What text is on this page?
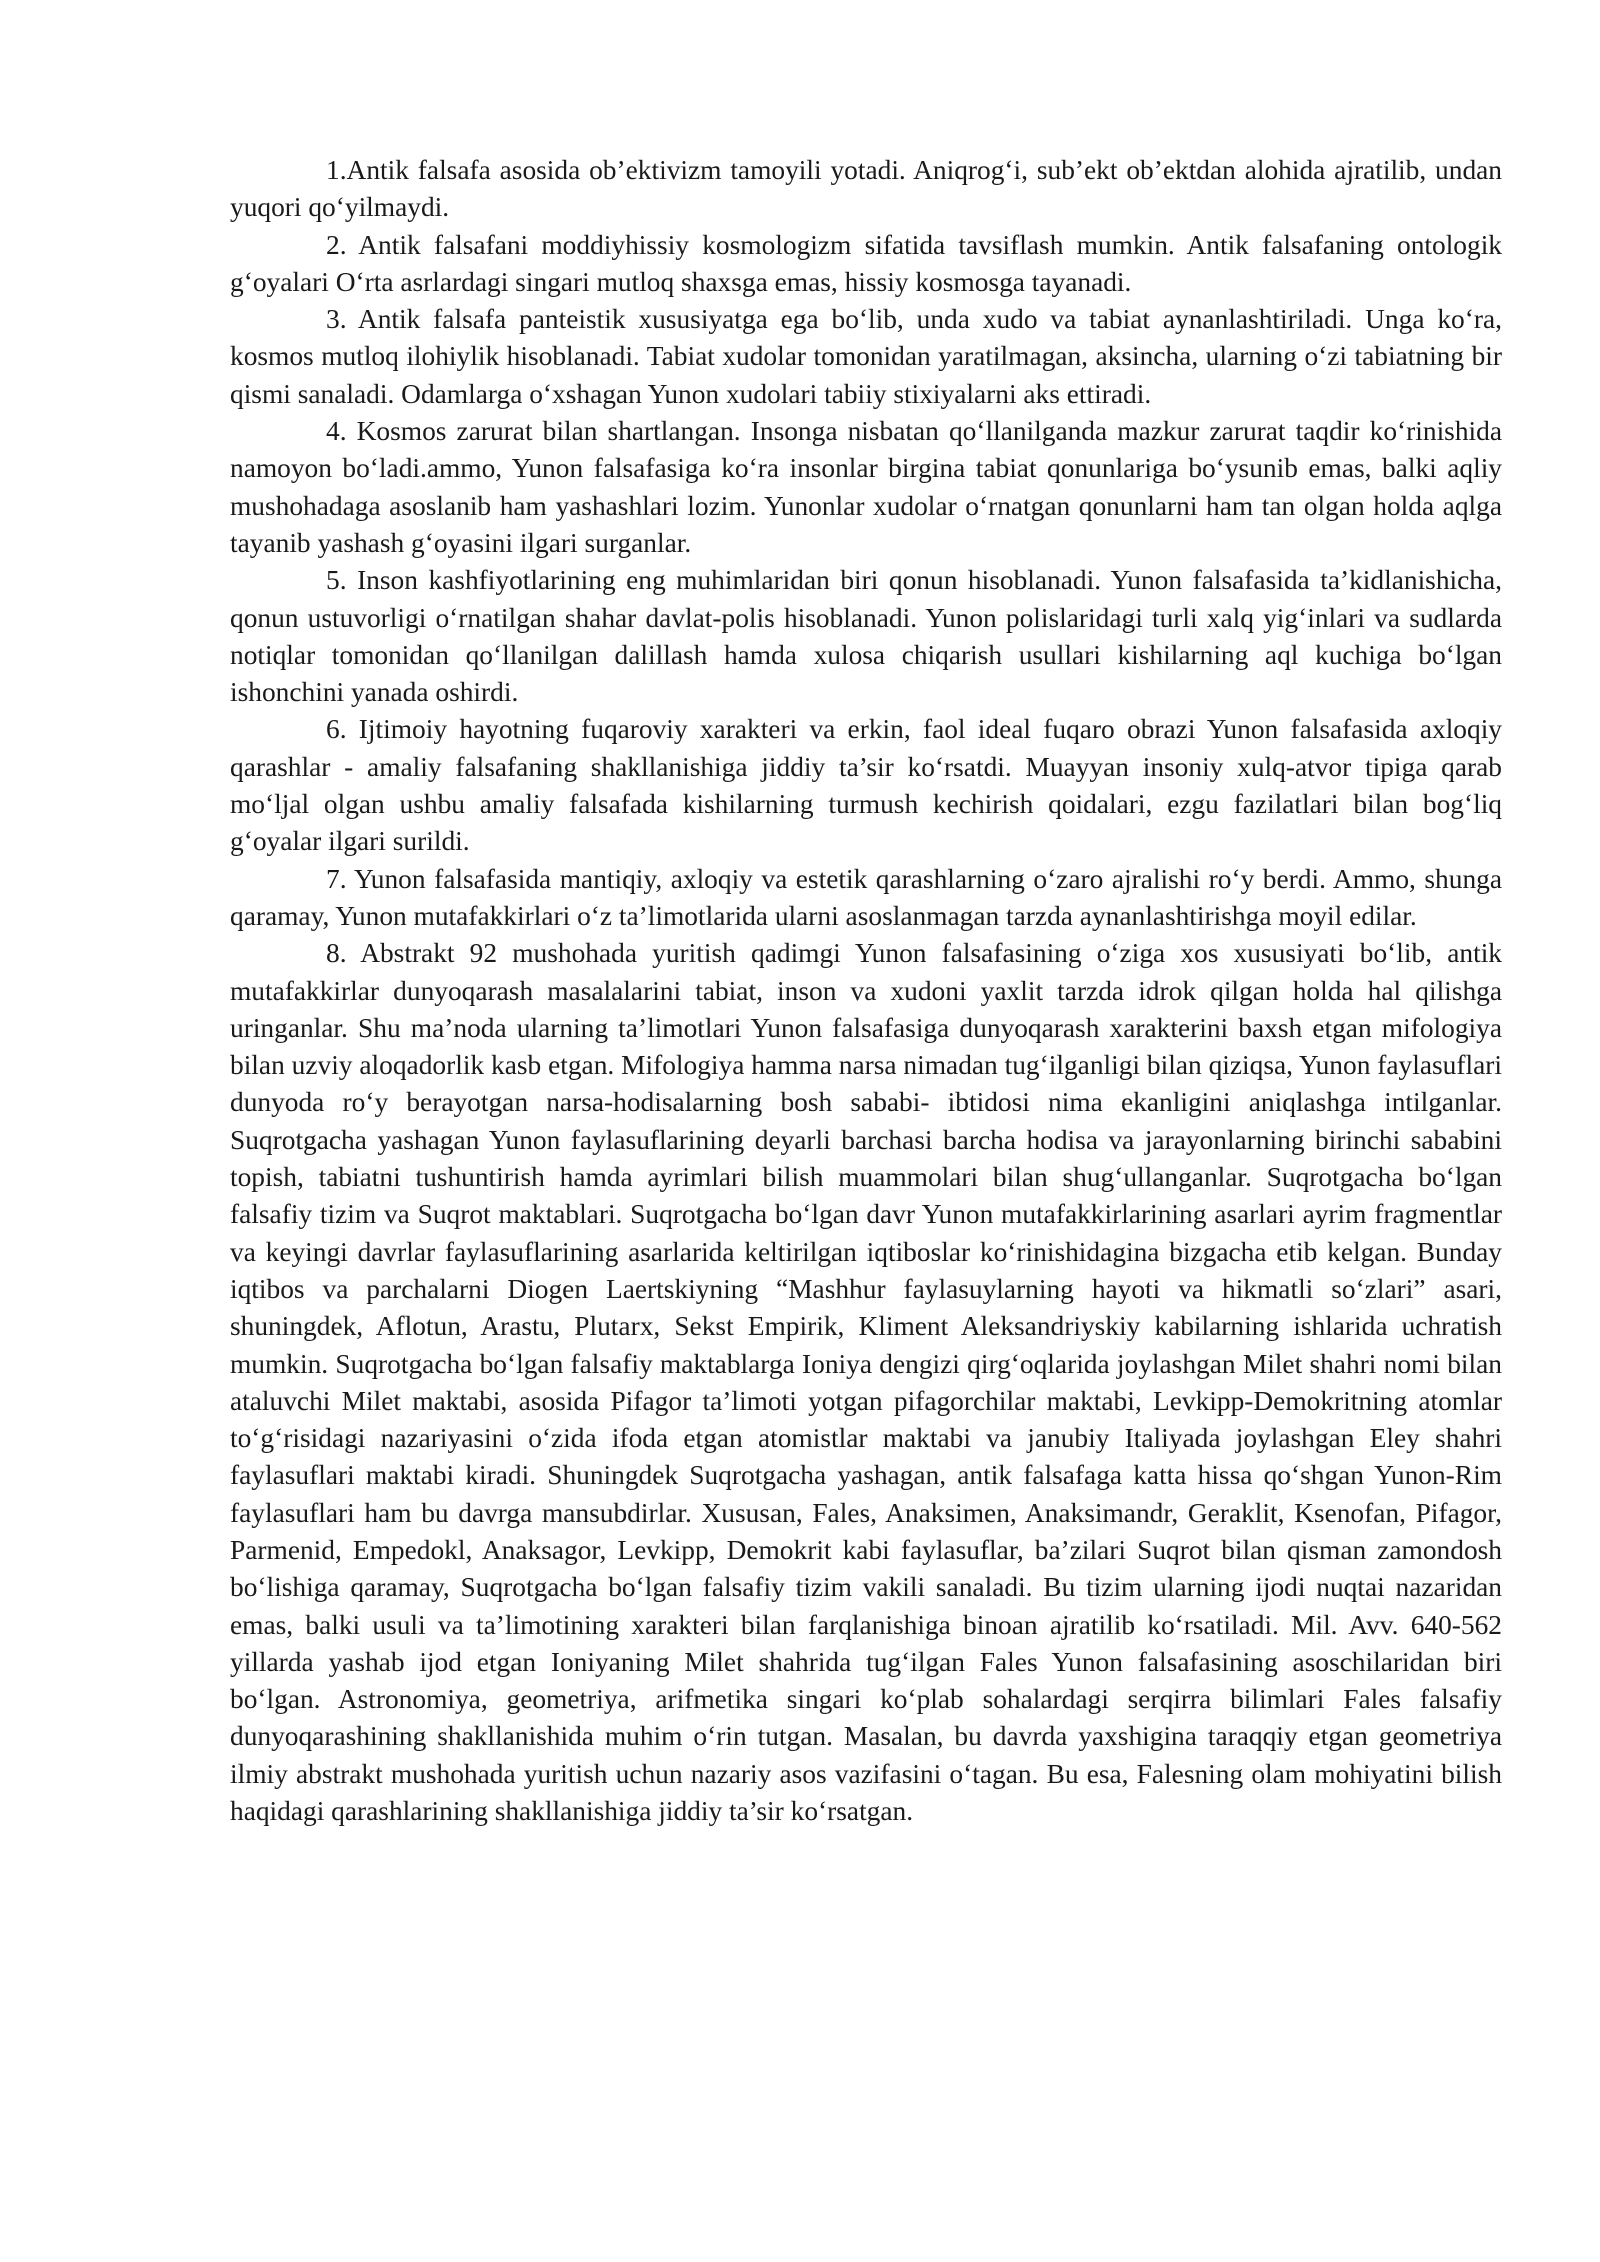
1.Antik falsafa asosida ob’ektivizm tamoyili yotadi. Aniqrog‘i, sub’ekt ob’ektdan alohida ajratilib, undan yuqori qo‘yilmaydi.

2. Antik falsafani moddiyhissiy kosmologizm sifatida tavsiflash mumkin. Antik falsafaning ontologik g‘oyalari O‘rta asrlardagi singari mutloq shaxsga emas, hissiy kosmosga tayanadi.

3. Antik falsafa panteistik xususiyatga ega bo‘lib, unda xudo va tabiat aynanlashtiriladi. Unga ko‘ra, kosmos mutloq ilohiylik hisoblanadi. Tabiat xudolar tomonidan yaratilmagan, aksincha, ularning o‘zi tabiatning bir qismi sanaladi. Odamlarga o‘xshagan Yunon xudolari tabiiy stixiyalarni aks ettiradi.

4. Kosmos zarurat bilan shartlangan. Insonga nisbatan qo‘llanilganda mazkur zarurat taqdir ko‘rinishida namoyon bo‘ladi.ammo, Yunon falsafasiga ko‘ra insonlar birgina tabiat qonunlariga bo‘ysunib emas, balki aqliy mushohadaga asoslanib ham yashashlari lozim. Yunonlar xudolar o‘rnatgan qonunlarni ham tan olgan holda aqlga tayanib yashash g‘oyasini ilgari surganlar.

5. Inson kashfiyotlarining eng muhimlaridan biri qonun hisoblanadi. Yunon falsafasida ta’kidlanishicha, qonun ustuvorligi o‘rnatilgan shahar davlat-polis hisoblanadi. Yunon polislaridagi turli xalq yig‘inlari va sudlarda notiqlar tomonidan qo‘llanilgan dalillash hamda xulosa chiqarish usullari kishilarning aql kuchiga bo‘lgan ishonchini yanada oshirdi.

6. Ijtimoiy hayotning fuqaroviy xarakteri va erkin, faol ideal fuqaro obrazi Yunon falsafasida axloqiy qarashlar - amaliy falsafaning shakllanishiga jiddiy ta’sir ko‘rsatdi. Muayyan insoniy xulq-atvor tipiga qarab mo‘ljal olgan ushbu amaliy falsafada kishilarning turmush kechirish qoidalari, ezgu fazilatlari bilan bog‘liq g‘oyalar ilgari surildi.

7. Yunon falsafasida mantiqiy, axloqiy va estetik qarashlarning o‘zaro ajralishi ro‘y berdi. Ammo, shunga qaramay, Yunon mutafakkirlari o‘z ta’limotlarida ularni asoslanmagan tarzda aynanlashtirishga moyil edilar.

8. Abstrakt 92 mushohada yuritish qadimgi Yunon falsafasining o‘ziga xos xususiyati bo‘lib, antik mutafakkirlar dunyoqarash masalalarini tabiat, inson va xudoni yaxlit tarzda idrok qilgan holda hal qilishga uringanlar. Shu ma’noda ularning ta’limotlari Yunon falsafasiga dunyoqarash xarakterini baxsh etgan mifologiya bilan uzviy aloqadorlik kasb etgan. Mifologiya hamma narsa nimadan tug‘ilganligi bilan qiziqsa, Yunon faylasuflari dunyoda ro‘y berayotgan narsa-hodisalarning bosh sababi- ibtidosi nima ekanligini aniqlashga intilganlar. Suqrotgacha yashagan Yunon faylasuflarining deyarli barchasi barcha hodisa va jarayonlarning birinchi sababini topish, tabiatni tushuntirish hamda ayrimlari bilish muammolari bilan shug‘ullanganlar. Suqrotgacha bo‘lgan falsafiy tizim va Suqrot maktablari. Suqrotgacha bo‘lgan davr Yunon mutafakkirlarining asarlari ayrim fragmentlar va keyingi davrlar faylasuflarining asarlarida keltirilgan iqtiboslar ko‘rinishidagina bizgacha etib kelgan. Bunday iqtibos va parchalarni Diogen Laertskiyning “Mashhur faylasuylarning hayoti va hikmatli so‘zlari” asari, shuningdek, Aflotun, Arastu, Plutarx, Sekst Empirik, Kliment Aleksandriyskiy kabilarning ishlarida uchratish mumkin. Suqrotgacha bo‘lgan falsafiy maktablarga Ioniya dengizi qirg‘oqlarida joylashgan Milet shahri nomi bilan ataluvchi Milet maktabi, asosida Pifagor ta’limoti yotgan pifagorchilar maktabi, Levkipp-Demokritning atomlar to‘g‘risidagi nazariyasini o‘zida ifoda etgan atomistlar maktabi va janubiy Italiyada joylashgan Eley shahri faylasuflari maktabi kiradi. Shuningdek Suqrotgacha yashagan, antik falsafaga katta hissa qo‘shgan Yunon-Rim faylasuflari ham bu davrga mansubdirlar. Xususan, Fales, Anaksimen, Anaksimandr, Geraklit, Ksenofan, Pifagor, Parmenid, Empedokl, Anaksagor, Levkipp, Demokrit kabi faylasuflar, ba’zilari Suqrot bilan qisman zamondosh bo‘lishiga qaramay, Suqrotgacha bo‘lgan falsafiy tizim vakili sanaladi. Bu tizim ularning ijodi nuqtai nazaridan emas, balki usuli va ta’limotining xarakteri bilan farqlanishiga binoan ajratilib ko‘rsatiladi. Mil. Avv. 640-562 yillarda yashab ijod etgan Ioniyaning Milet shahrida tug‘ilgan Fales Yunon falsafasining asoschilaridan biri bo‘lgan. Astronomiya, geometriya, arifmetika singari ko‘plab sohalardagi serqirra bilimlari Fales falsafiy dunyoqarashining shakllanishida muhim o‘rin tutgan. Masalan, bu davrda yaxshigina taraqqiy etgan geometriya ilmiy abstrakt mushohada yuritish uchun nazariy asos vazifasini o‘tagan. Bu esa, Falesning olam mohiyatini bilish haqidagi qarashlarining shakllanishiga jiddiy ta’sir ko‘rsatgan.
